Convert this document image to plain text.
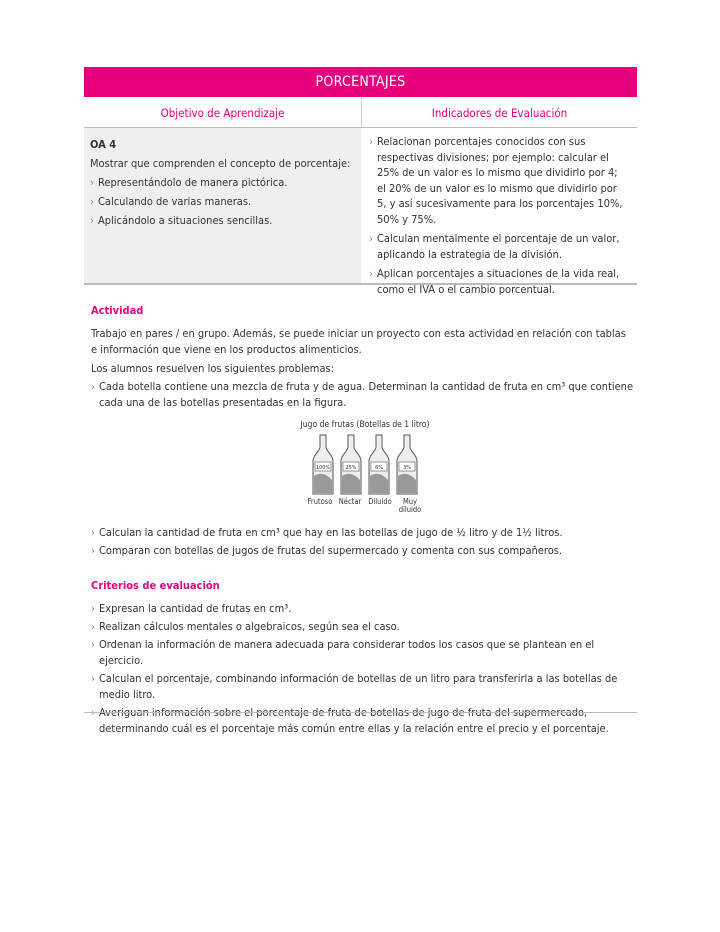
PORCENTAJES
Objetivo de Aprendizaje	Indicadores de Evaluación
OA 4
Mostrar que comprenden el concepto de porcentaje:
› Representándolo de manera pictórica.
› Calculando de varias maneras.
› Aplicándolo a situaciones sencillas.
› Relacionan porcentajes conocidos con sus respectivas divisiones; por ejemplo: calcular el 25% de un valor es lo mismo que dividirlo por 4; el 20% de un valor es lo mismo que dividirlo por 5, y así sucesivamente para los porcentajes 10%, 50% y 75%.
› Calculan mentalmente el porcentaje de un valor, aplicando la estrategia de la división.
› Aplican porcentajes a situaciones de la vida real, como el IVA o el cambio porcentual.
Actividad
Trabajo en pares / en grupo. Además, se puede iniciar un proyecto con esta actividad en relación con tablas e información que viene en los productos alimenticios.
Los alumnos resuelven los siguientes problemas:
› Cada botella contiene una mezcla de fruta y de agua. Determinan la cantidad de fruta en cm³ que contiene cada una de las botellas presentadas en la figura.
Jugo de frutas (Botellas de 1 litro)
100%	25%	6%	3%
Frutoso Néctar Diluido	Muy diluido
› Calculan la cantidad de fruta en cm³ que hay en las botellas de jugo de ½ litro y de 1½ litros.
› Comparan con botellas de jugos de frutas del supermercado y comenta con sus compañeros.
Criterios de evaluación
› Expresan la cantidad de frutas en cm³.
› Realizan cálculos mentales o algebraicos, según sea el caso.
› Ordenan la información de manera adecuada para considerar todos los casos que se plantean en el ejercicio.
› Calculan el porcentaje, combinando información de botellas de un litro para transferirla a las botellas de medio litro.
› Averiguan información sobre el porcentaje de fruta de botellas de jugo de fruta del supermercado, determinando cuál es el porcentaje más común entre ellas y la relación entre el precio y el porcentaje.
